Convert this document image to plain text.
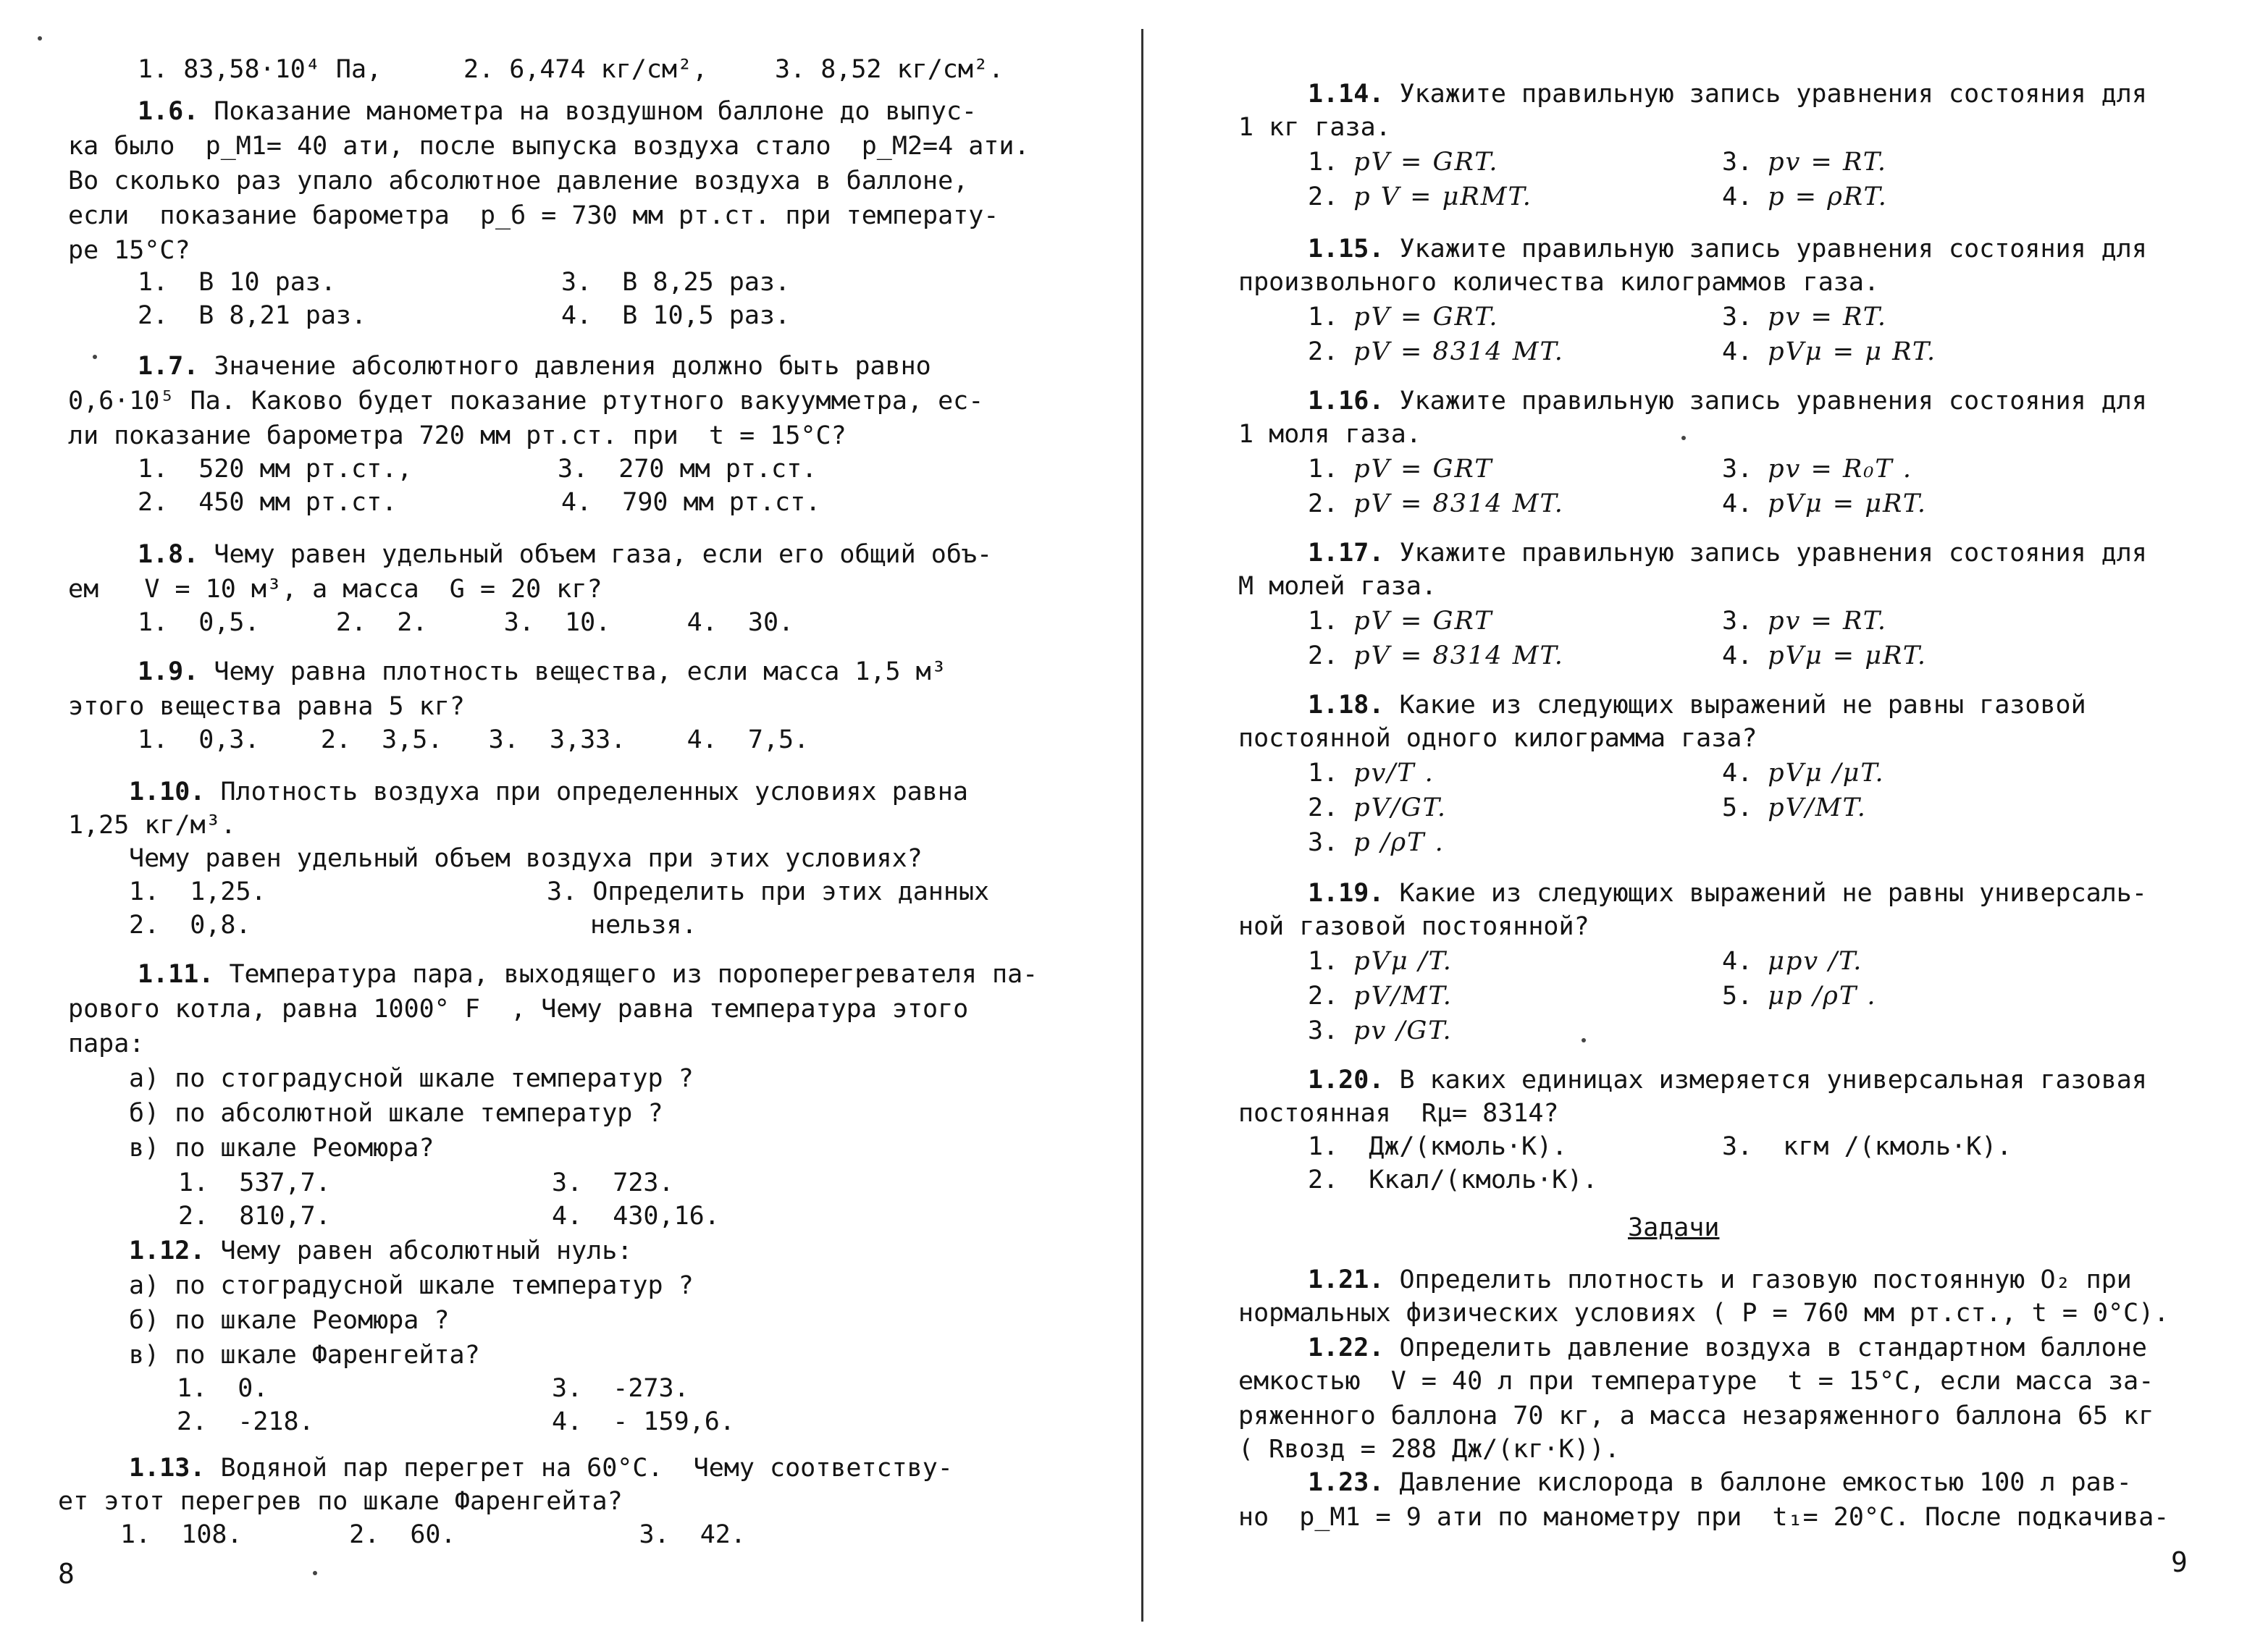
1. 83,58·10⁴ Па,	2. 6,474 кг/см²,	3. 8,52 кг/см².
1.6. Показание манометра на воздушном баллоне до выпус-
ка было  p_M1= 40 ати, после выпуска воздуха стало  p_M2=4 ати.
Во сколько раз упало абсолютное давление воздуха в баллоне,
если  показание барометра  p_б = 730 мм рт.ст. при температу-
ре 15°С?
1.  В 10 раз.	3.  В 8,25 раз.
2.  В 8,21 раз.	4.  В 10,5 раз.
1.7. Значение абсолютного давления должно быть равно
0,6·10⁵ Па. Каково будет показание ртутного вакуумметра, ес-
ли показание барометра 720 мм рт.ст. при  t = 15°С?
1.  520 мм рт.ст.,	3.  270 мм рт.ст.
2.  450 мм рт.ст.	4.  790 мм рт.ст.
1.8. Чему равен удельный объем газа, если его общий объ-
ем   V = 10 м³, а масса  G = 20 кг?
1.  0,5.     2.  2.     3.  10.     4.  30.
1.9. Чему равна плотность вещества, если масса 1,5 м³
этого вещества равна 5 кг?
1.  0,3.    2.  3,5.   3.  3,33.    4.  7,5.
1.10. Плотность воздуха при определенных условиях равна
1,25 кг/м³.
Чему равен удельный объем воздуха при этих условиях?
1.  1,25.	3. Определить при этих данных
2.  0,8.	нельзя.
1.11. Температура пара, выходящего из пороперегревателя па-
рового котла, равна 1000° F  , Чему равна температура этого
пара:
а) по стоградусной шкале температур ?
б) по абсолютной шкале температур ?
в) по шкале Реомюра?
1.  537,7.	3.  723.
2.  810,7.	4.  430,16.
1.12. Чему равен абсолютный нуль:
а) по стоградусной шкале температур ?
б) по шкале Реомюра ?
в) по шкале Фаренгейта?
1.  0.	3.  -273.
2.  -218.	4.  - 159,6.
1.13. Водяной пар перегрет на 60°С.  Чему соответству-
ет этот перегрев по шкале Фаренгейта?
1.  108.       2.  60.            3.  42.
8
1.14. Укажите правильную запись уравнения состояния для
1 кг газа.
1. pV = GRT.	3. pv = RT.
2. p V = μRMT.	4. p = ρRT.
1.15. Укажите правильную запись уравнения состояния для
произвольного количества килограммов газа.
1. pV = GRT.	3. pv = RT.
2. pV = 8314 MT.	4. pVμ = μ RT.
1.16. Укажите правильную запись уравнения состояния для
1 моля газа.
1. pV = GRT	3. pv = R₀T .
2. pV = 8314 MT.	4. pVμ = μRT.
1.17. Укажите правильную запись уравнения состояния для
М молей газа.
1. pV = GRT	3. pv = RT.
2. pV = 8314 MT.	4. pVμ = μRT.
1.18. Какие из следующих выражений не равны газовой
постоянной одного килограмма газа?
1. pv/T .	4. pVμ /μT.
2. pV/GT.	5. pV/MT.
3. p /ρT .
1.19. Какие из следующих выражений не равны универсаль-
ной газовой постоянной?
1. pVμ /T.	4. μpv /T.
2. pV/MT.	5. μp /ρT .
3. pv /GT.
1.20. В каких единицах измеряется универсальная газовая
постоянная  Rμ= 8314?
1.  Дж/(кмоль·К).	3.  кгм /(кмоль·К).
2.  Ккал/(кмоль·К).
Задачи
1.21. Определить плотность и газовую постоянную O₂ при
нормальных физических условиях ( P = 760 мм рт.ст., t = 0°С).
1.22. Определить давление воздуха в стандартном баллоне
емкостью  V = 40 л при температуре  t = 15°С, если масса за-
ряженного баллона 70 кг, а масса незаряженного баллона 65 кг
( Rвозд = 288 Дж/(кг·К)).
1.23. Давление кислорода в баллоне емкостью 100 л рав-
но  p_M1 = 9 ати по манометру при  t₁= 20°С. После подкачива-
9
